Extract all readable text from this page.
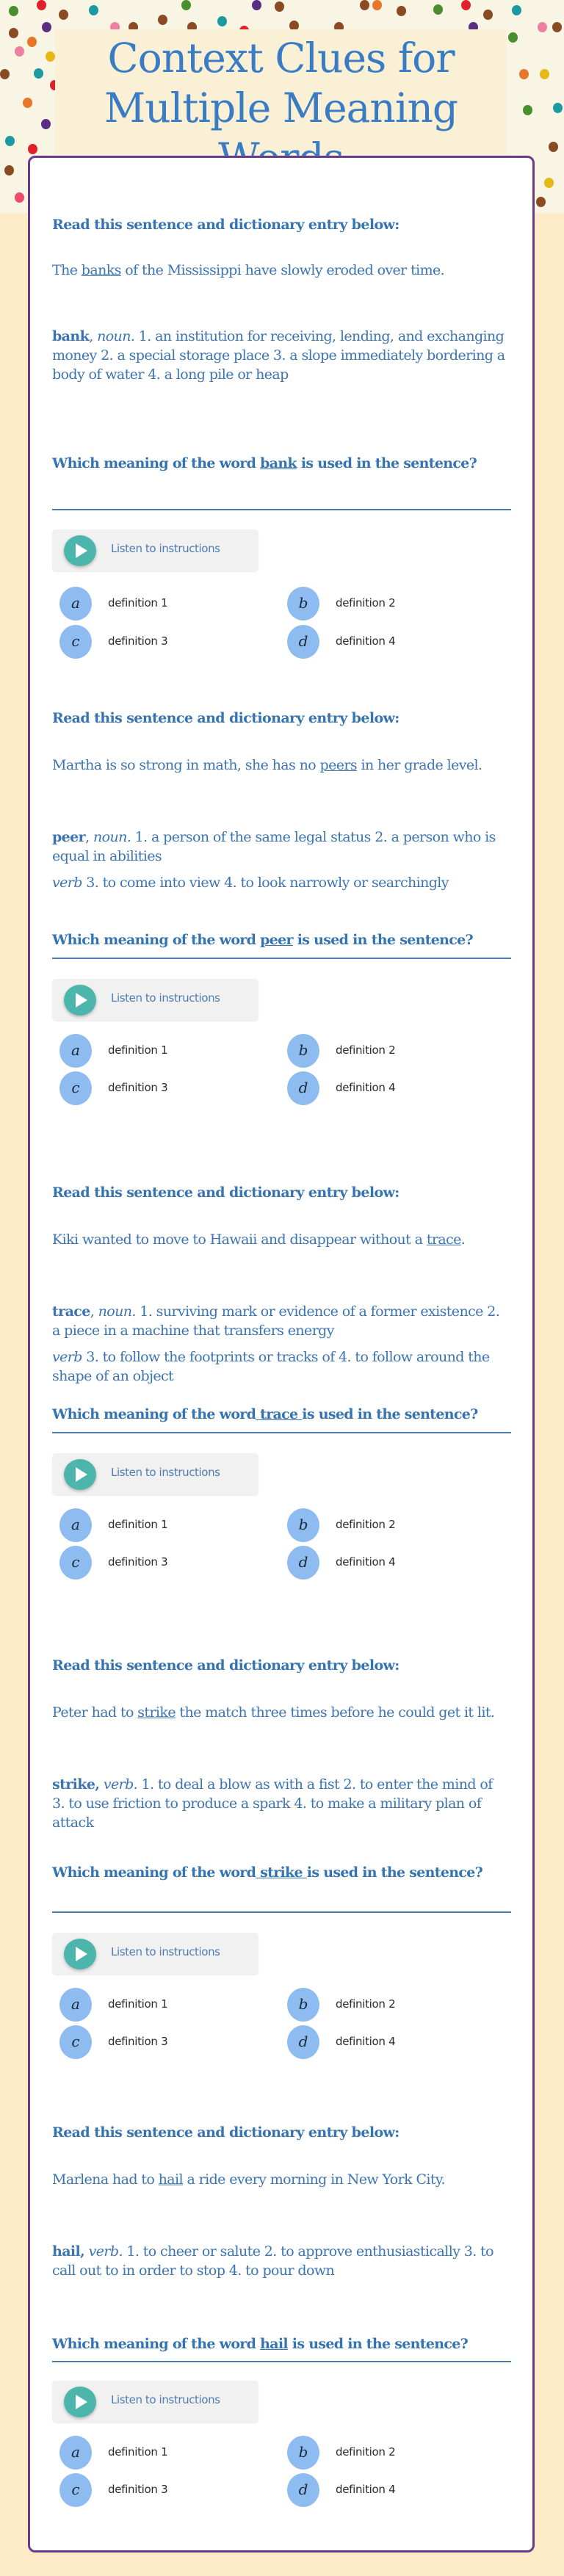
Context Clues for
Multiple Meaning

Read this sentence and dictionary entry below:
The banks of the Mississippi have slowly eroded over time.
bank, noun. 1. an institution for receiving, lending, and exchanging money 2. a special storage place 3. a slope immediately bordering a body of water 4. a long pile or heap
Which meaning of the word bank is used in the sentence?
Listen to instructions
a	definition 1	b	definition 2
c	definition 3	d	definition 4
Read this sentence and dictionary entry below:
Martha is so strong in math, she has no peers in her grade level.
peer, noun. 1. a person of the same legal status 2. a person who is equal in abilities
verb 3. to come into view 4. to look narrowly or searchingly
Which meaning of the word peer is used in the sentence?
Listen to instructions
a	definition 1	b	definition 2
c	definition 3	d	definition 4
Read this sentence and dictionary entry below:
Kiki wanted to move to Hawaii and disappear without a trace.
trace, noun. 1. surviving mark or evidence of a former existence 2. a piece in a machine that transfers energy
verb 3. to follow the footprints or tracks of 4. to follow around the shape of an object
Which meaning of the word trace is used in the sentence?
Listen to instructions
a	definition 1	b	definition 2
c	definition 3	d	definition 4
Read this sentence and dictionary entry below:
Peter had to strike the match three times before he could get it lit.
strike, verb. 1. to deal a blow as with a fist 2. to enter the mind of 3. to use friction to produce a spark 4. to make a military plan of attack
Which meaning of the word strike is used in the sentence?
Listen to instructions
a	definition 1	b	definition 2
c	definition 3	d	definition 4
Read this sentence and dictionary entry below:
Marlena had to hail a ride every morning in New York City.
hail, verb. 1. to cheer or salute 2. to approve enthusiastically 3. to call out to in order to stop 4. to pour down
Which meaning of the word hail is used in the sentence?
Listen to instructions
a	definition 1	b	definition 2
c	definition 3	d	definition 4
